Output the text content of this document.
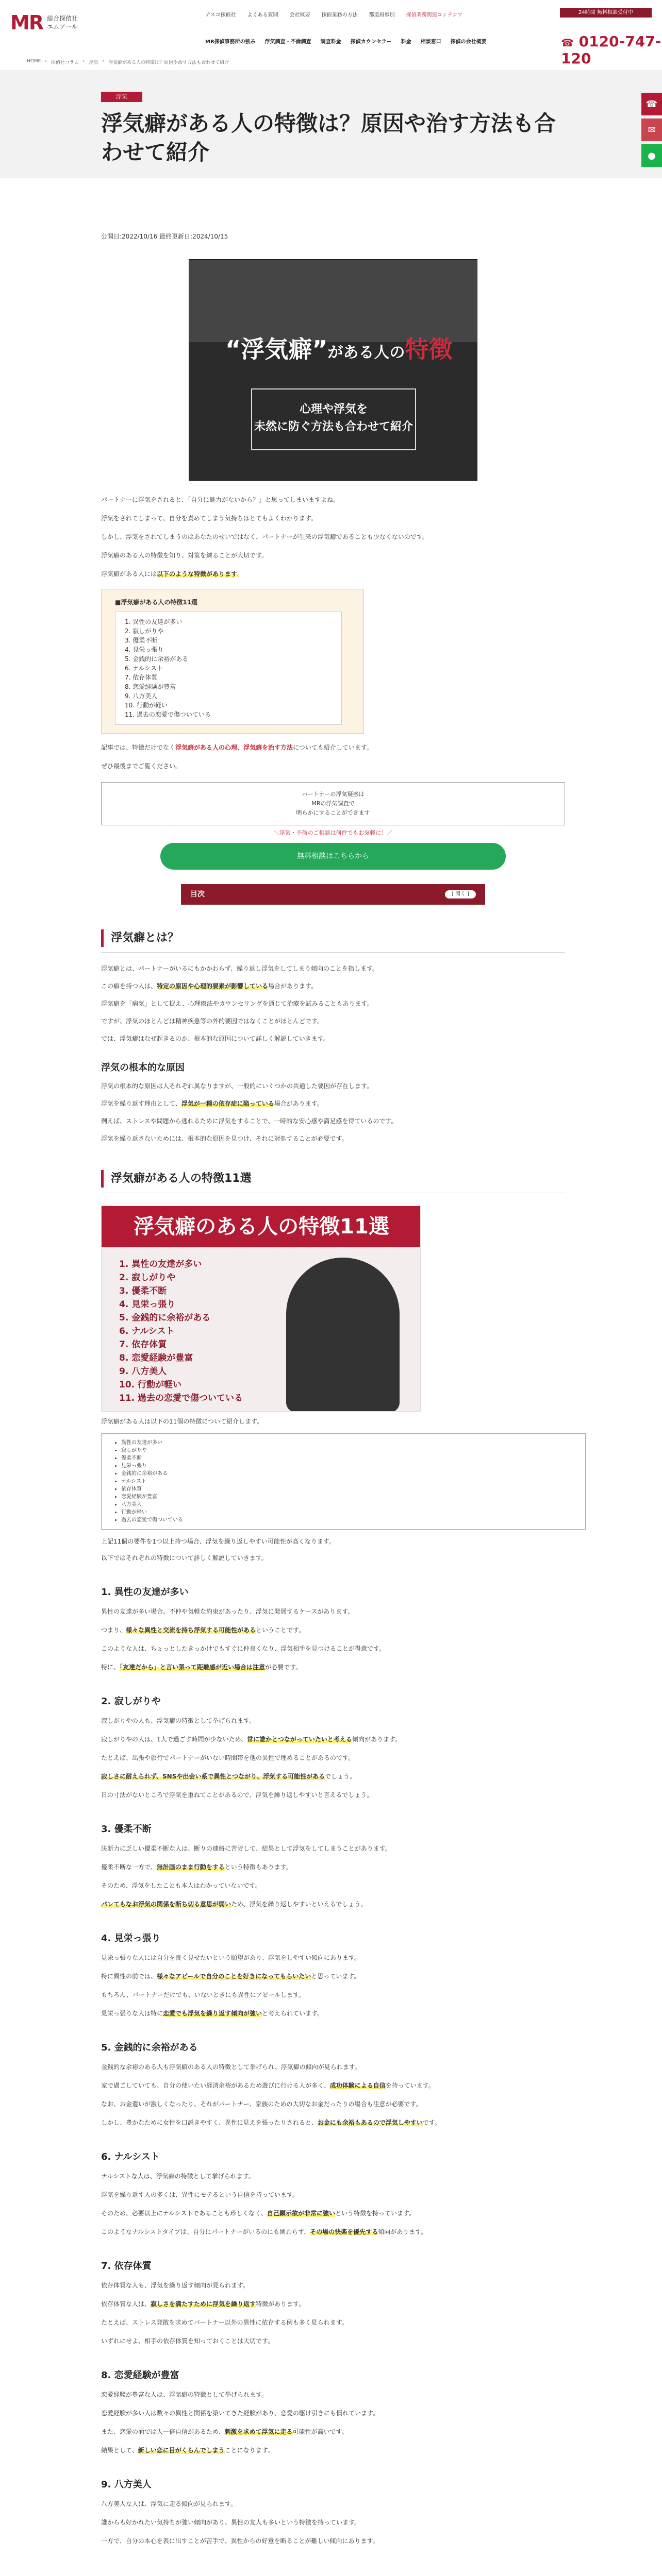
MR 総合探偵社
エムアール
テスコ探偵社 よくある質問 会社概要 探偵業務の方法 都道府県別 探偵業務関連コンテンツ	24時間 無料相談受付中
☎ 0120-747-120
MR探偵事務所の強み 浮気調査・不倫調査 調査料金 探偵カウンセラー 料金 相談窓口 探偵の会社概要
HOME › 探偵社コラム › 浮気 › 浮気癖がある人の特徴は？原因や治す方法も合わせて紹介
浮気
浮気癖がある人の特徴は？原因や治す方法も合わせて紹介
☎
✉
●
公開日:2022/10/16 最終更新日:2024/10/15
“浮気癖”がある人の特徴
心理や浮気を
未然に防ぐ方法も合わせて紹介

パートナーに浮気をされると、「自分に魅力がないから？」と思ってしまいますよね。

浮気をされてしまって、自分を責めてしまう気持ちはとてもよくわかります。

しかし、浮気をされてしまうのはあなたのせいではなく、パートナーが生来の浮気癖であることも少なくないのです。

浮気癖のある人の特徴を知り、対策を練ることが大切です。

浮気癖がある人には以下のような特徴があります。

■浮気癖がある人の特徴11選
1. 異性の友達が多い
2. 寂しがりや
3. 優柔不断
4. 見栄っ張り
5. 金銭的に余裕がある
6. ナルシスト
7. 依存体質
8. 恋愛経験が豊富
9. 八方美人
10. 行動が軽い
11. 過去の恋愛で傷ついている

記事では、特徴だけでなく浮気癖がある人の心理、浮気癖を治す方法についても紹介しています。

ぜひ最後までご覧ください。

パートナーの浮気疑惑は
MRの浮気調査で
明らかにすることができます
＼浮気・不倫のご相談は何件でもお気軽に！／
無料相談はこちらから
目次	[ 開く ]
浮気癖とは？

浮気癖とは、パートナーがいるにもかかわらず、繰り返し浮気をしてしまう傾向のことを指します。

この癖を持つ人は、特定の原因や心理的要素が影響している場合があります。

浮気癖を「病気」として捉え、心理療法やカウンセリングを通じて治療を試みることもあります。

ですが、浮気のほとんどは精神疾患等の外的要因ではなくことがほとんどです。

では、浮気癖はなぜ起きるのか、根本的な原因について詳しく解説していきます。

浮気の根本的な原因

浮気の根本的な原因は人それぞれ異なりますが、一般的にいくつかの共通した要因が存在します。

浮気を繰り返す理由として、浮気が一種の依存症に陥っている場合があります。

例えば、ストレスや問題から逃れるために浮気をすることで、一時的な安心感や満足感を得ているのです。

浮気を繰り返さないためには、根本的な原因を見つけ、それに対処することが必要です。

浮気癖がある人の特徴11選
浮気癖のある人の特徴11選
1. 異性の友達が多い
2. 寂しがりや
3. 優柔不断
4. 見栄っ張り
5. 金銭的に余裕がある
6. ナルシスト
7. 依存体質
8. 恋愛経験が豊富
9. 八方美人
10. 行動が軽い
11. 過去の恋愛で傷ついている

浮気癖がある人は以下の11個の特徴について紹介します。

• 異性の友達が多い
• 寂しがりや
• 優柔不断
• 見栄っ張り
• 金銭的に余裕がある
• ナルシスト
• 依存体質
• 恋愛経験が豊富
• 八方美人
• 行動が軽い
• 過去の恋愛で傷ついている

上記11個の要件を1つ以上持つ場合、浮気を繰り返しやすい可能性が高くなります。

以下ではそれぞれの特徴について詳しく解説していきます。

1. 異性の友達が多い

異性の友達が多い場合、不仲や気軽な約束があったり、浮気に発展するケースがあります。

つまり、様々な異性と交流を持ち浮気する可能性があるということです。

このような人は、ちょっとしたきっかけでもすぐに仲良くなり、浮気相手を見つけることが得意です。

特に、「友達だから」と言い張って距離感が近い場合は注意が必要です。

2. 寂しがりや

寂しがりやの人も、浮気癖の特徴として挙げられます。

寂しがりやの人は、1人で過ごす時間が少ないため、常に誰かとつながっていたいと考える傾向があります。

たとえば、出張や旅行でパートナーがいない時間帯を他の異性で埋めることがあるのです。

寂しさに耐えられず、SNSや出会い系で異性とつながり、浮気する可能性があるでしょう。

日の寸法がないところで浮気を重ねてことがあるので、浮気を繰り返しやすいと言えるでしょう。

3. 優柔不断

決断力に乏しい優柔不断な人は、断りの連絡に苦労して、結果として浮気をしてしまうことがあります。

優柔不断な一方で、無計画のまま行動をするという特徴もあります。

そのため、浮気をしたことも本人はわかっていないです。

パレてもなお浮気の関係を断ち切る意思が弱いため、浮気を繰り返しやすいといえるでしょう。

4. 見栄っ張り

見栄っ張りな人には自分を良く見せたいという願望があり、浮気をしやすい傾向にあります。

特に異性の前では、様々なアピールで自分のことを好きになってもらいたいと思っています。

もちろん、パートナーだけでも、いないときにも異性にアピールします。

見栄っ張りな人は特に恋愛でも浮気を繰り返す傾向が強いと考えられています。

5. 金銭的に余裕がある

金銭的な余裕のある人も浮気癖のある人の特徴として挙げられ、浮気癖の傾向が見られます。

家で過ごしていても、自分の使いたい経済余裕があるため遊びに行ける人が多く、成功体験による自信を持っています。

なお、お金遣いが激しくなったり、それがパートナー、家族のための大切なお金だったりの場合も注意が必要です。

しかし、豊かなために女性を口説きやすく、異性に見えを張ったりされると、お金にも余裕もあるので浮気しやすいです。

6. ナルシスト

ナルシストな人は、浮気癖の特徴として挙げられます。

浮気を繰り返す人の多くは、異性にモテるという自信を持っています。

そのため、必要以上にナルシストであることも珍しくなく、自己顕示欲が非常に強いという特徴を持っています。

このようなナルシストタイプは、自分にパートナーがいるのにも関わらず、その場の快楽を優先する傾向があります。

7. 依存体質

依存体質な人も、浮気を繰り返す傾向が見られます。

依存体質な人は、寂しさを満たすために浮気を繰り返す特徴があります。

たとえば、ストレス発散を求めてパートナー以外の異性に依存する例も多く見られます。

いずれにせよ、相手の依存体質を知っておくことは大切です。

8. 恋愛経験が豊富

恋愛経験が豊富な人は、浮気癖の特徴として挙げられます。

恋愛経験が多い人は数々の異性と関係を築いてきた経験があり、恋愛の駆け引きにも慣れています。

また、恋愛の面では人一倍自信があるため、刺激を求めて浮気に走る可能性が高いです。

結果として、新しい恋に目がくらんでしまうことになります。

9. 八方美人

八方美人な人は、浮気に走る傾向が見られます。

誰からも好かれたい気持ちが強い傾向があり、異性の友人も多いという特徴を持っています。

一方で、自分の本心を表に出すことが苦手で、異性からの好意を断ることが難しい傾向にあります。
